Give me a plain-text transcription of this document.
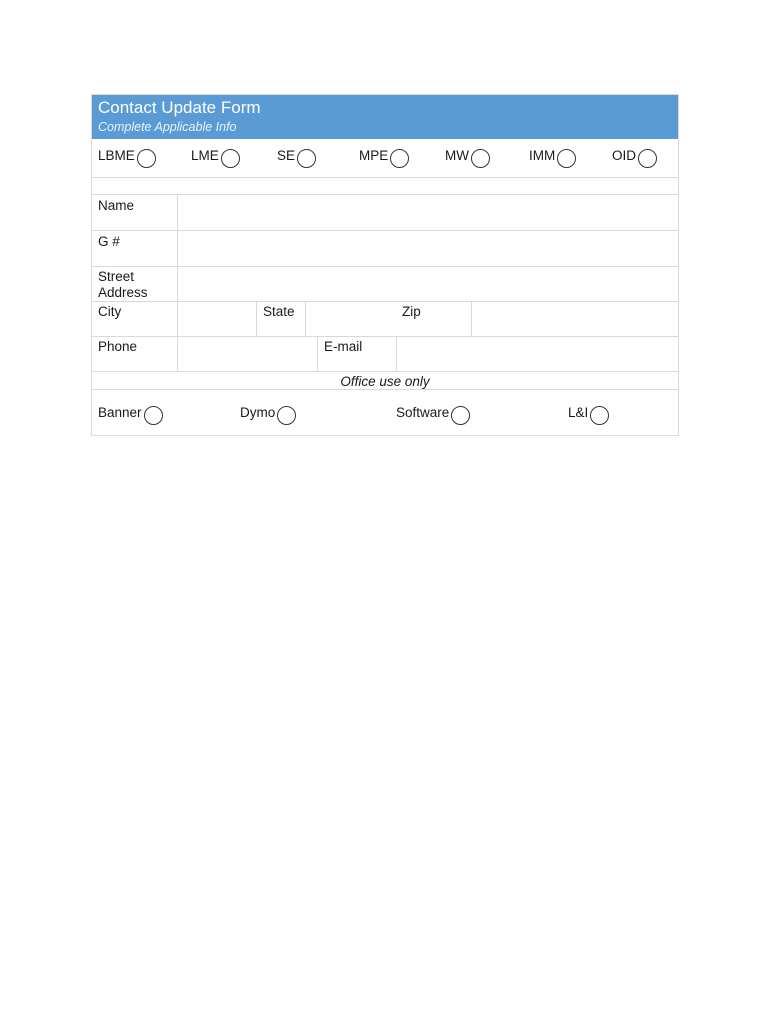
Contact Update Form
Complete Applicable Info
LBME	LME	SE	MPE	MW	IMM	OID
Name
G #
Street Address
City	State	Zip
Phone	E-mail
Office use only
Banner	Dymo	Software	L&I
